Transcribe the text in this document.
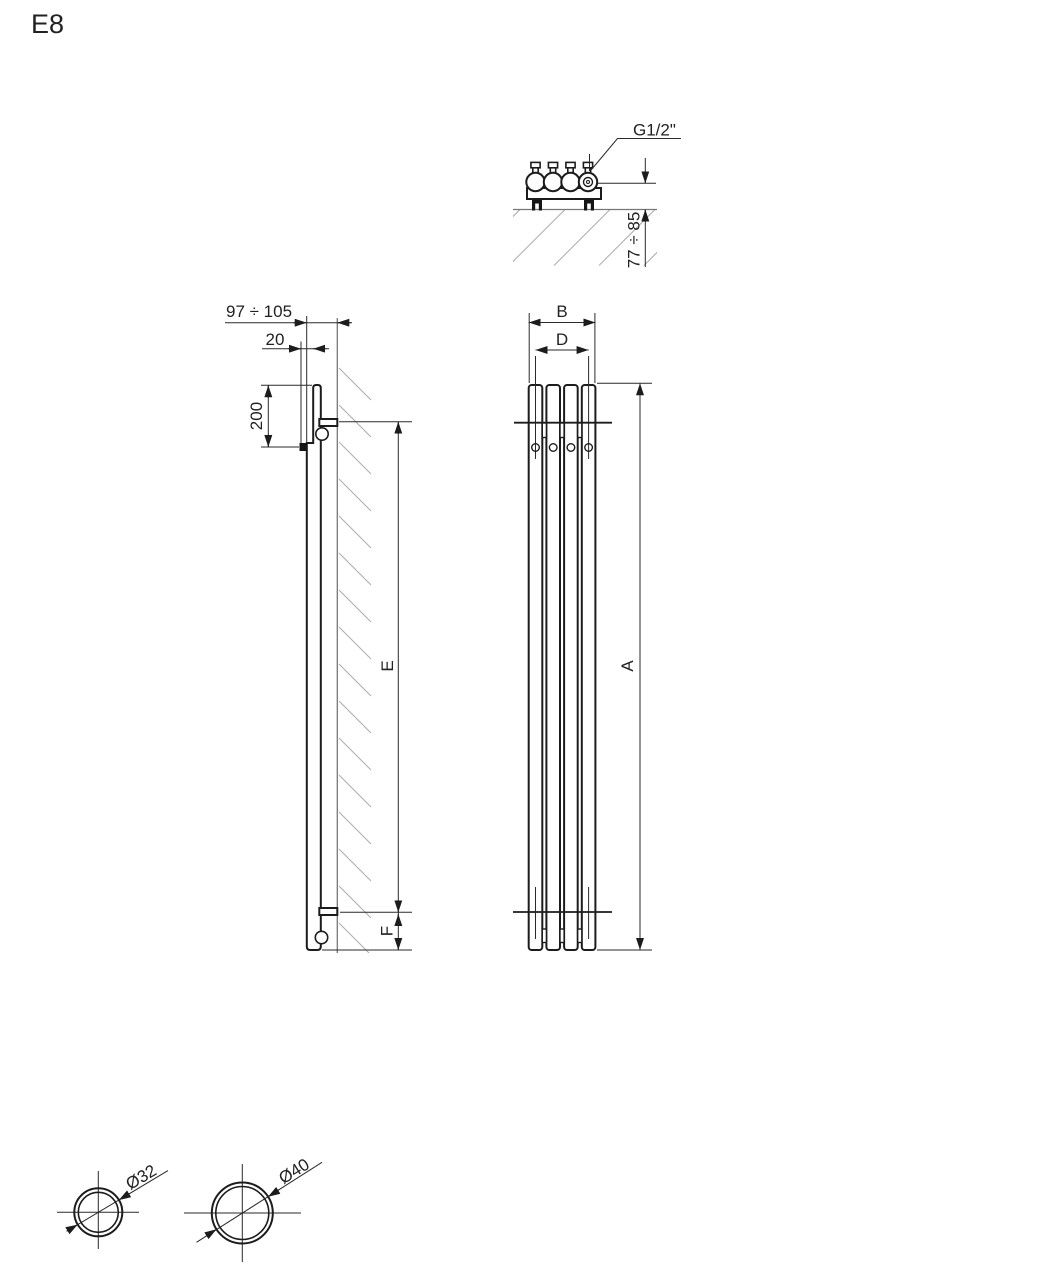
E8
G1/2"
77 ÷ 85
97 ÷ 105
20
200
E
F
B
D
A
Ø32	Ø40
